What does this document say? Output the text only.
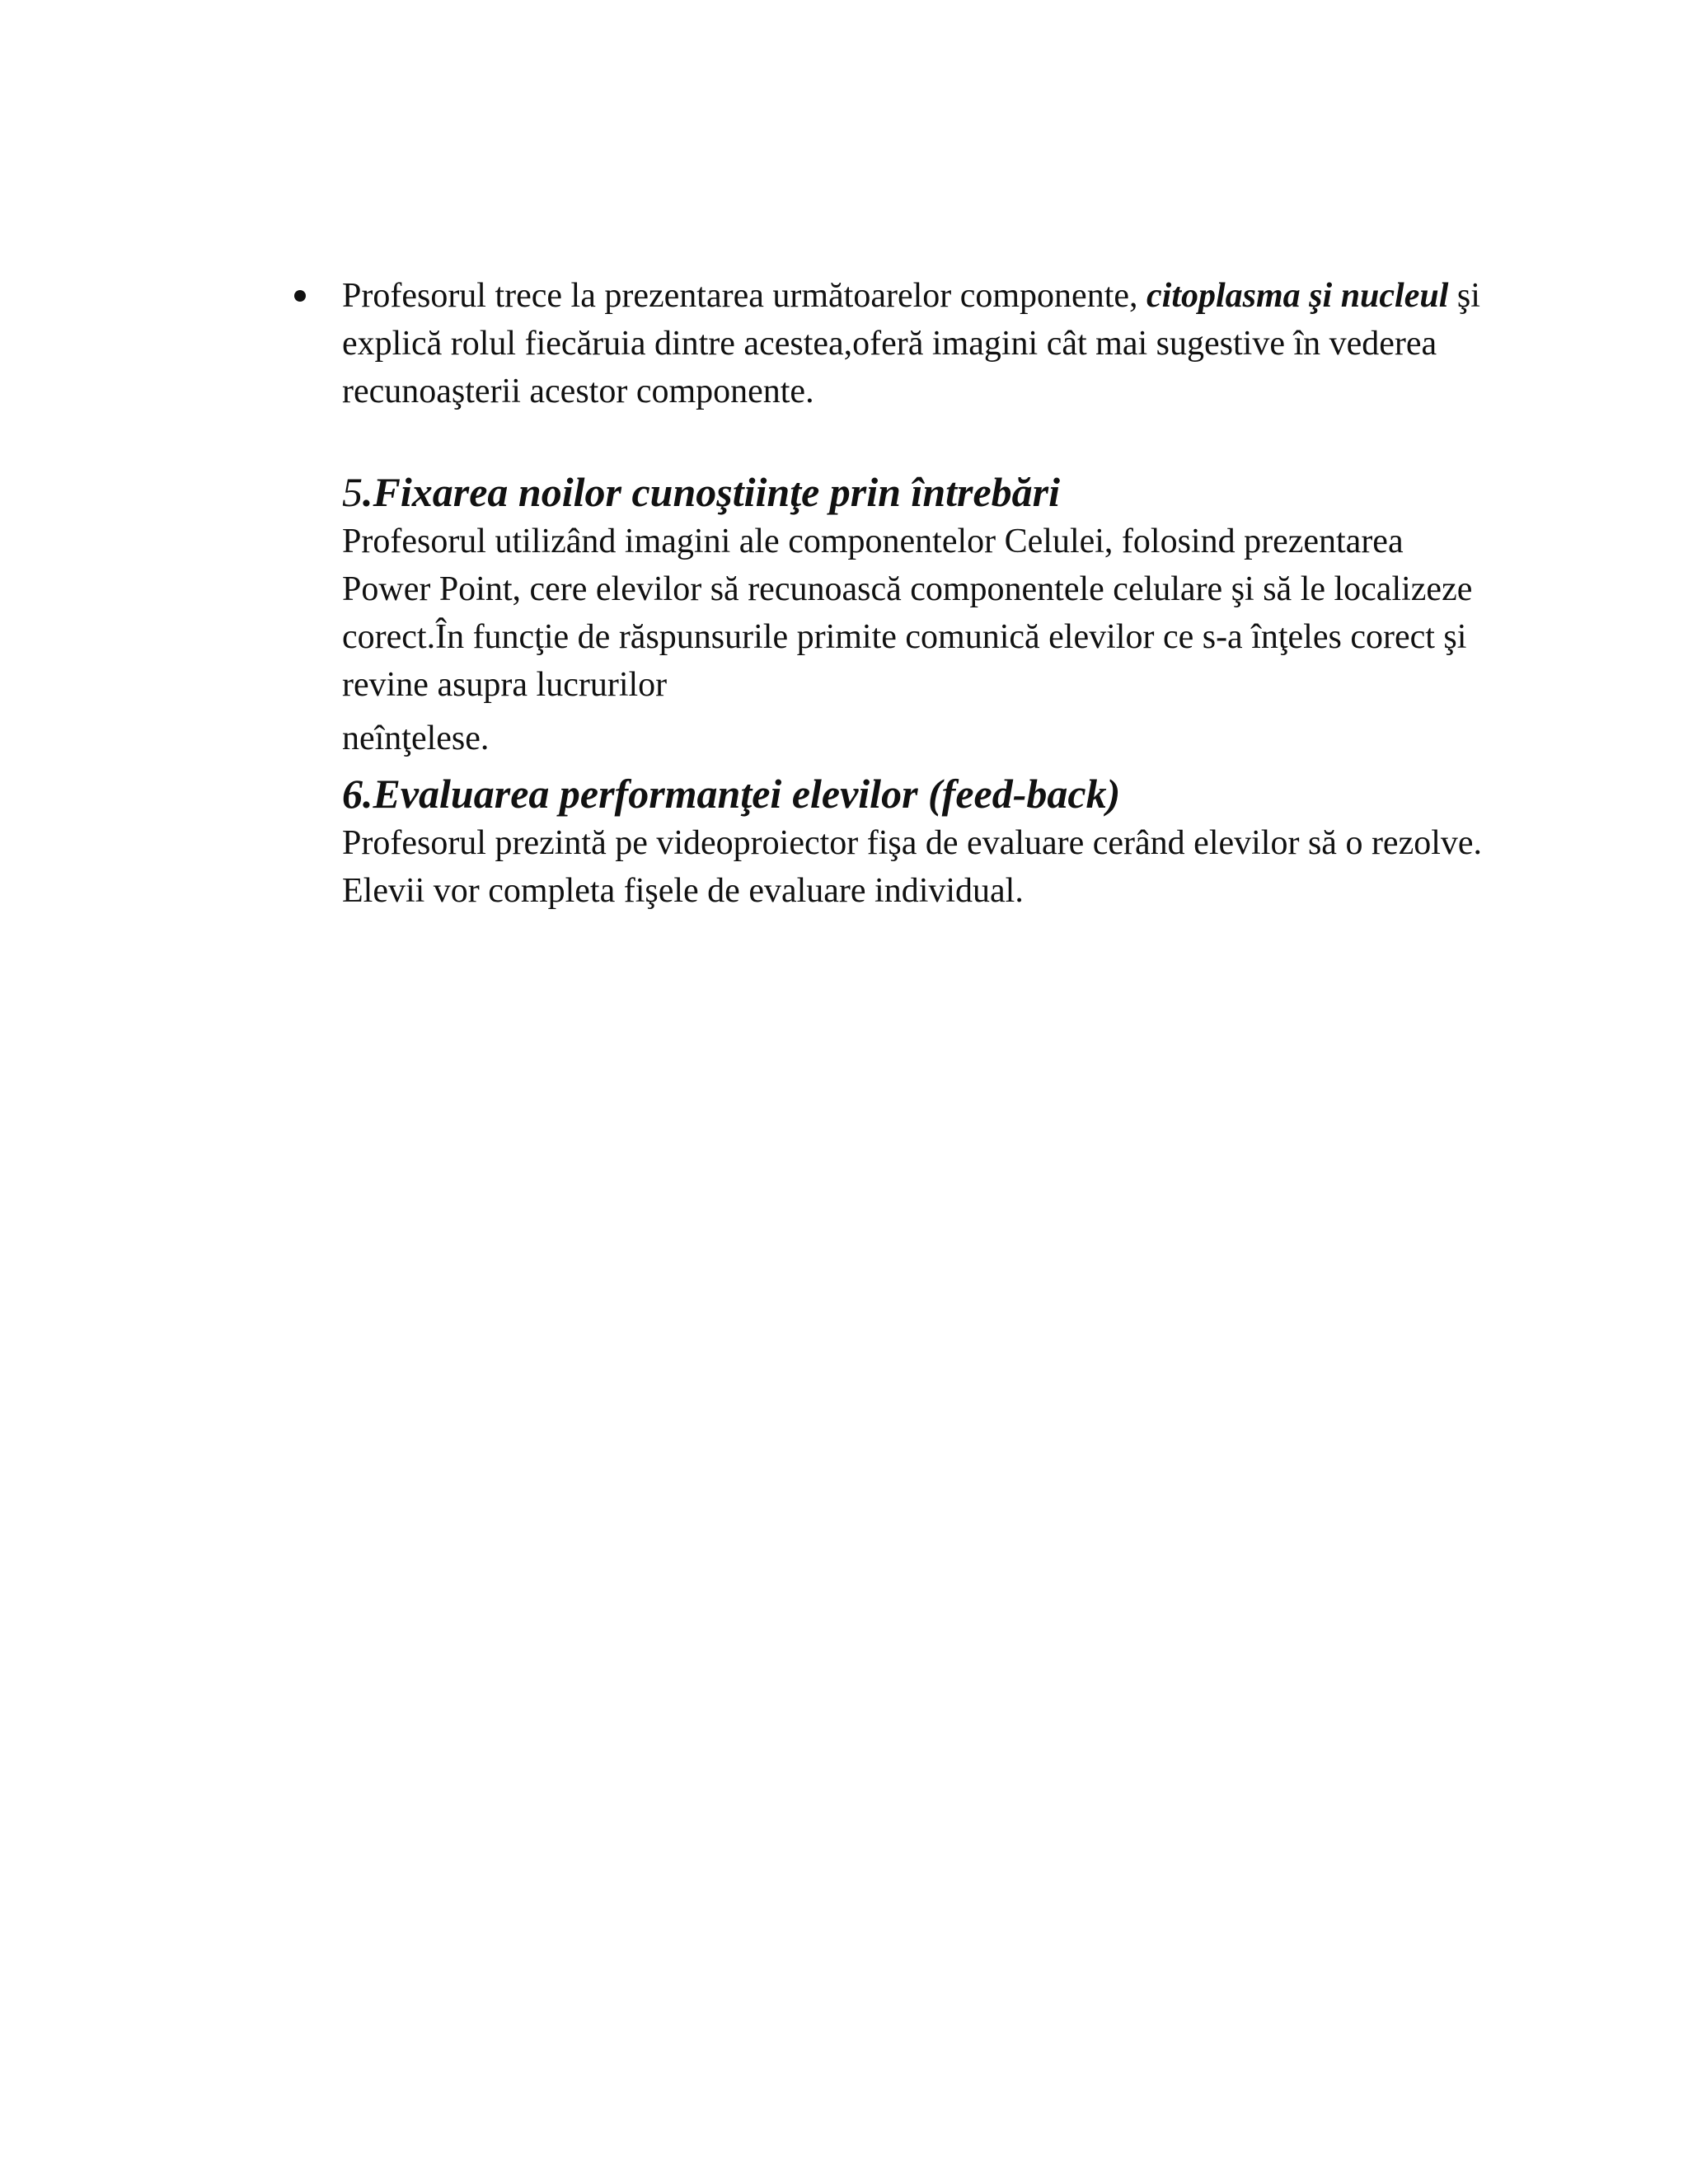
Profesorul trece la prezentarea următoarelor componente, citoplasma şi nucleul şi explică rolul fiecăruia dintre acestea,oferă imagini cât mai sugestive în vederea recunoaşterii acestor componente.

5.Fixarea noilor cunoştiinţe prin întrebări

Profesorul utilizând imagini ale componentelor Celulei, folosind prezentarea Power Point, cere elevilor să recunoască componentele celulare şi să le localizeze corect.În funcţie de răspunsurile primite comunică elevilor ce s-a înţeles corect şi revine asupra lucrurilor
neînţelese.

6.Evaluarea performanţei elevilor (feed-back)

Profesorul prezintă pe videoproiector fişa de evaluare cerând elevilor să o rezolve.

Elevii vor completa fişele de evaluare individual.
